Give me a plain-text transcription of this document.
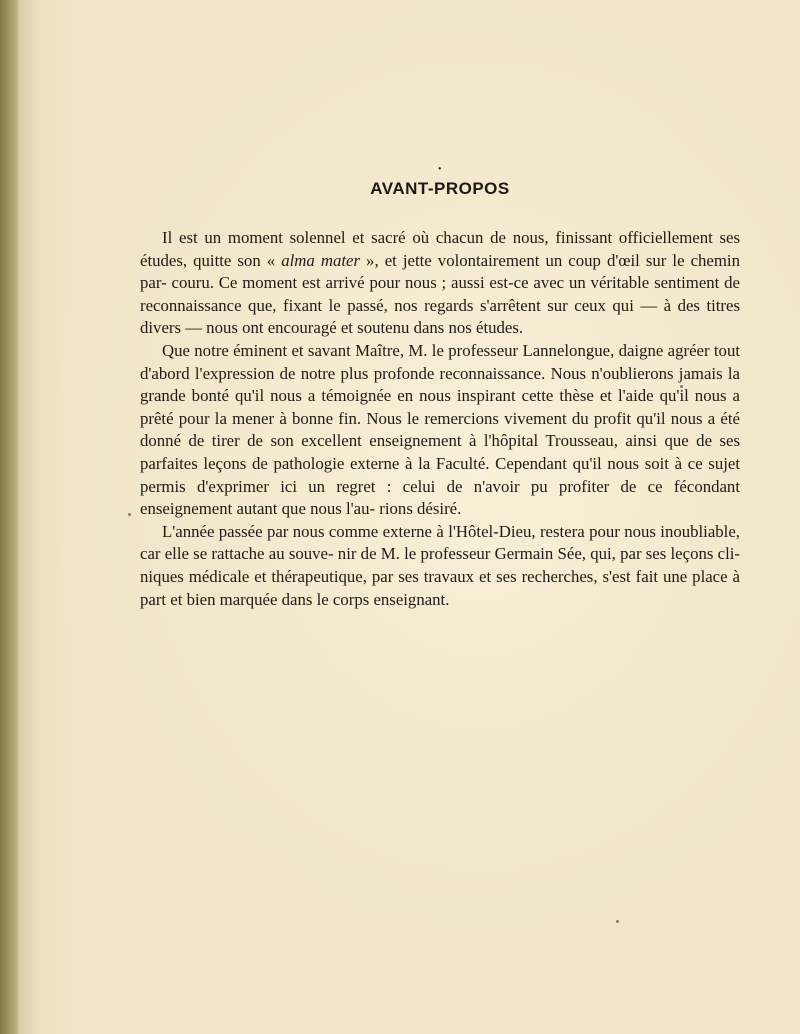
•
AVANT-PROPOS

Il est un moment solennel et sacré où chacun de nous, finissant officiellement ses études, quitte son « alma mater », et jette volontairement un coup d'œil sur le chemin par- couru. Ce moment est arrivé pour nous ; aussi est-ce avec un véritable sentiment de reconnaissance que, fixant le passé, nos regards s'arrêtent sur ceux qui — à des titres divers — nous ont encouragé et soutenu dans nos études.

Que notre éminent et savant Maître, M. le professeur Lannelongue, daigne agréer tout d'abord l'expression de notre plus profonde reconnaissance. Nous n'oublierons jamais la grande bonté qu'il nous a témoignée en nous inspirant cette thèse et l'aide qu'il nous a prêté pour la mener à bonne fin. Nous le remercions vivement du profit qu'il nous a été donné de tirer de son excellent enseignement à l'hôpital Trousseau, ainsi que de ses parfaites leçons de pathologie externe à la Faculté. Cependant qu'il nous soit à ce sujet permis d'exprimer ici un regret : celui de n'avoir pu profiter de ce fécondant enseignement autant que nous l'au- rions désiré.

L'année passée par nous comme externe à l'Hôtel-Dieu, restera pour nous inoubliable, car elle se rattache au souve- nir de M. le professeur Germain Sée, qui, par ses leçons cli- niques médicale et thérapeutique, par ses travaux et ses recherches, s'est fait une place à part et bien marquée dans le corps enseignant.
